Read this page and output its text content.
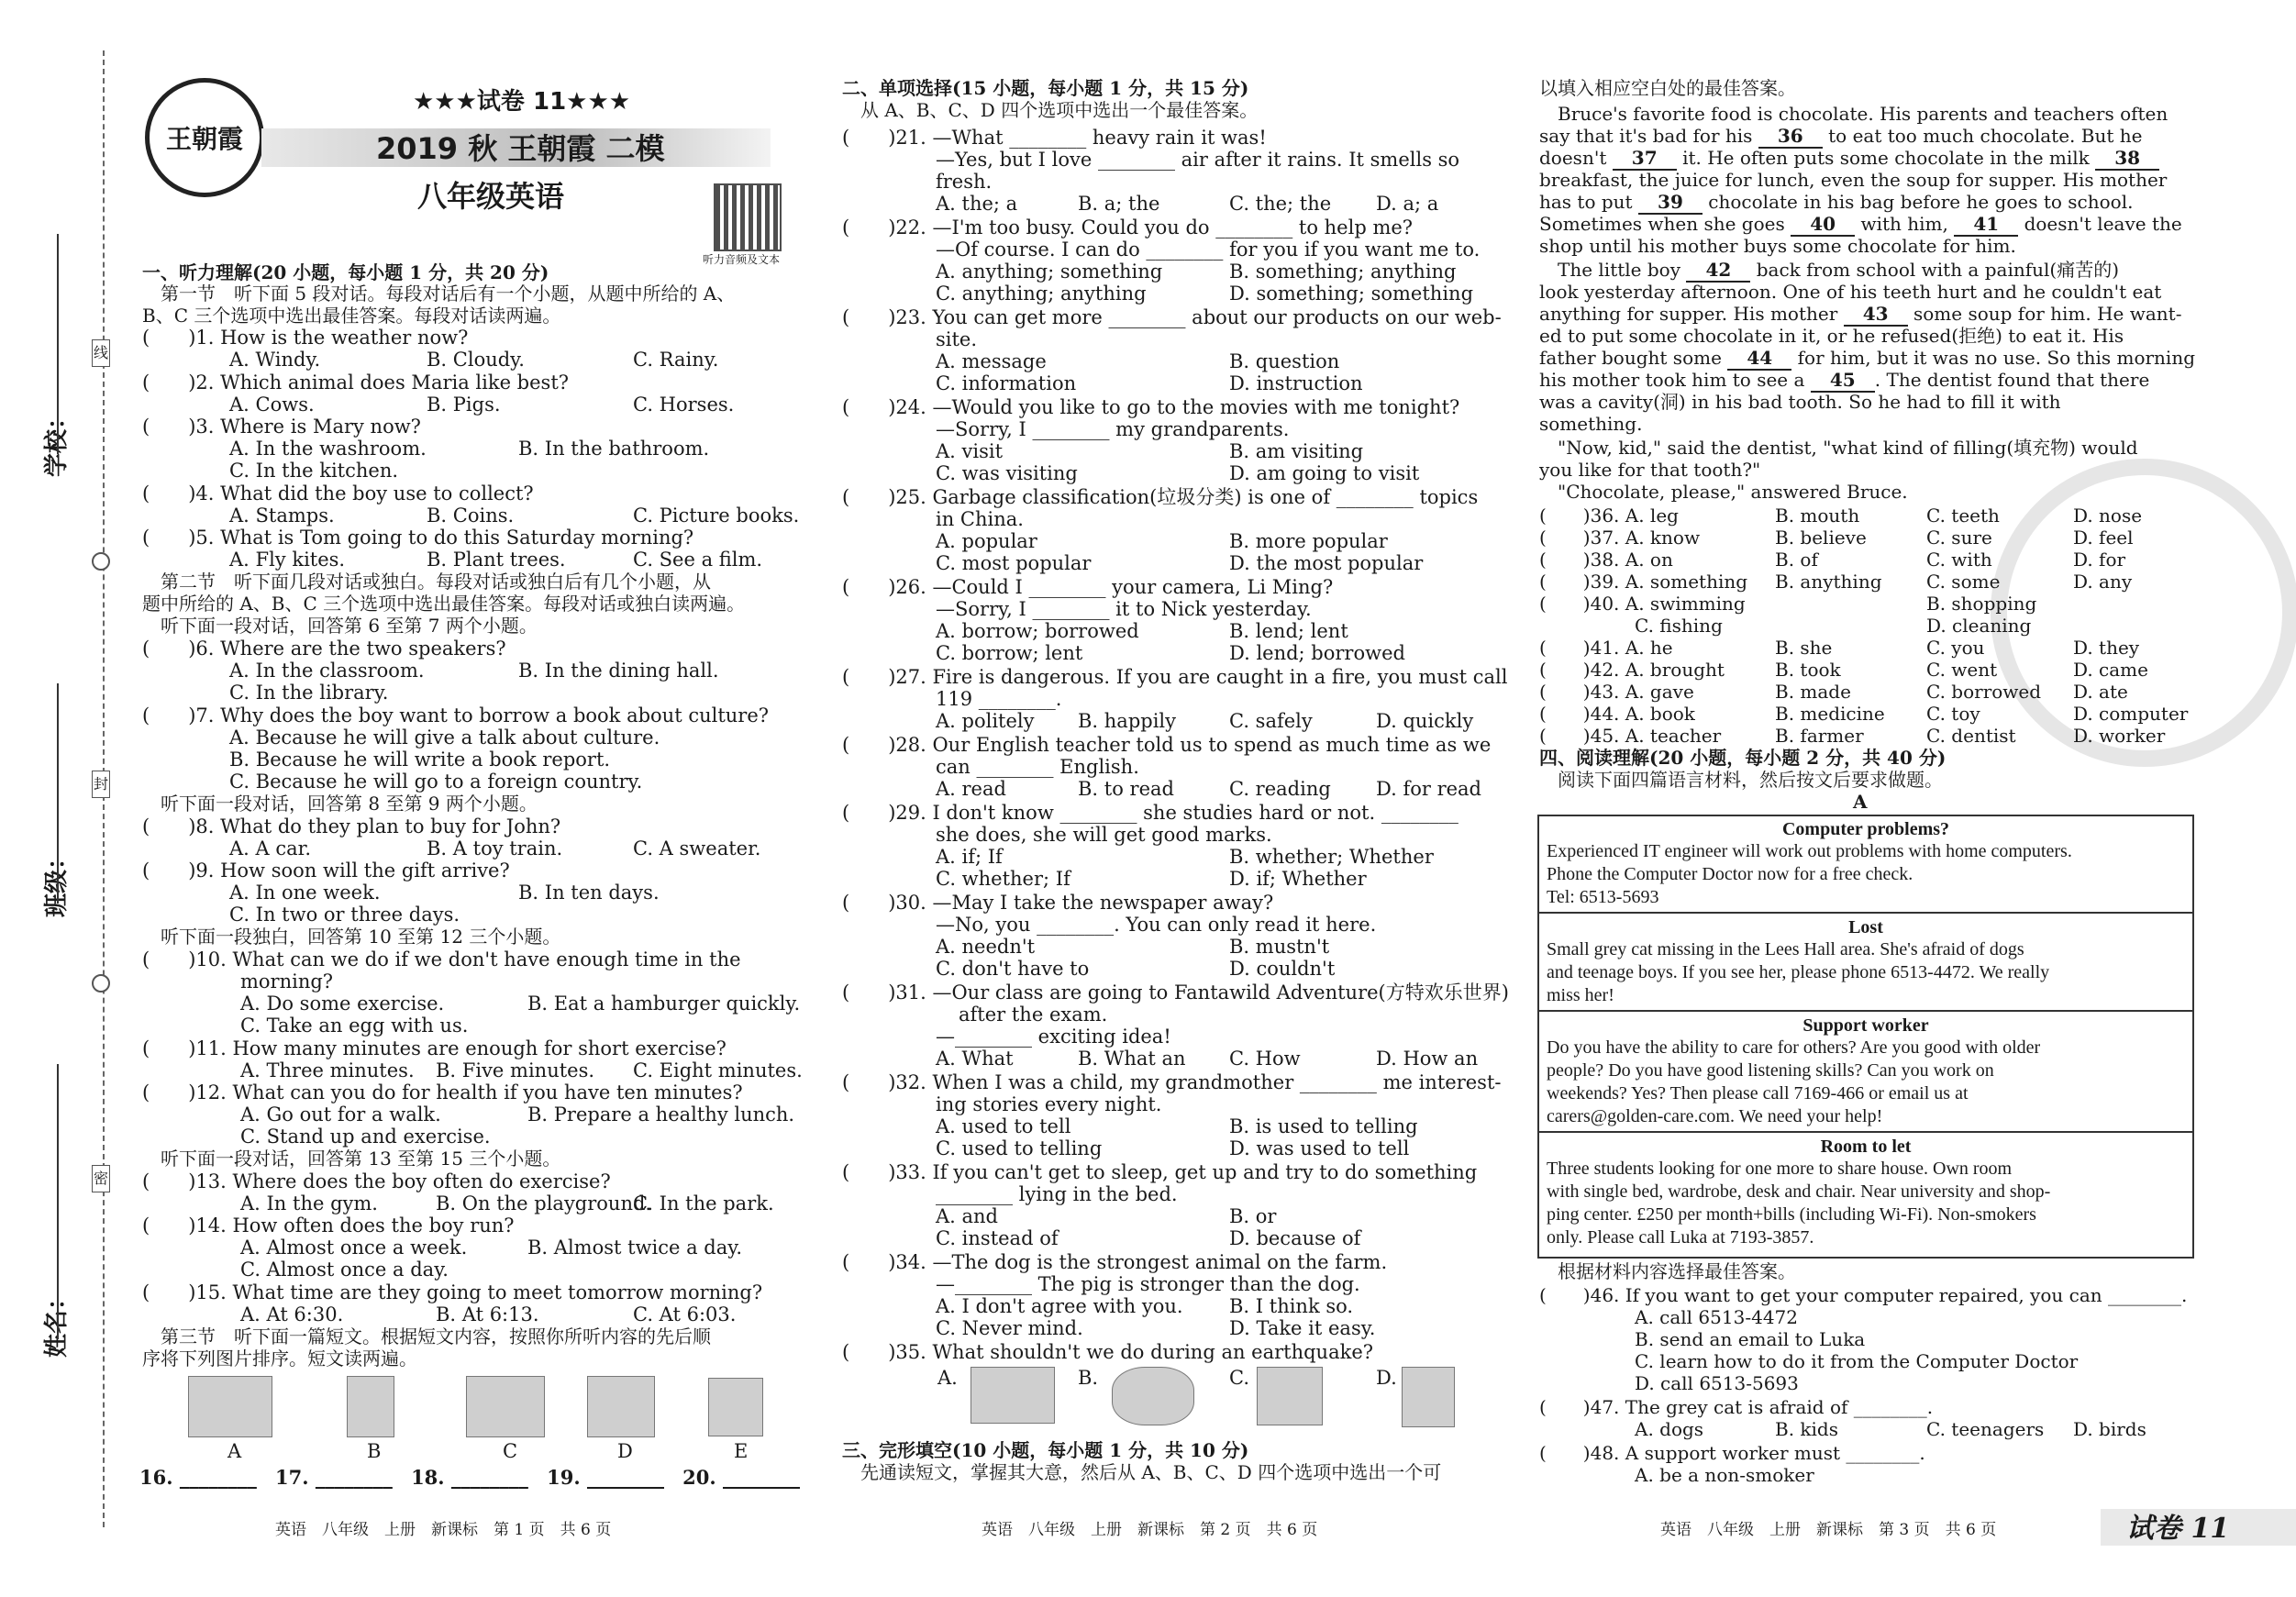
学校：
班级：
姓名：
线
封
密
王朝霞
★★★试卷 11★★★
2019 秋 王朝霞 二模
八年级英语
听力音频及文本
一、听力理解(20 小题，每小题 1 分，共 20 分)
　第一节　听下面 5 段对话。每段对话后有一个小题，从题中所给的 A、
B、C 三个选项中选出最佳答案。每段对话读两遍。
(　　)1. How is the weather now?
A. Windy.	B. Cloudy.	C. Rainy.
(　　)2. Which animal does Maria like best?
A. Cows.	B. Pigs.	C. Horses.
(　　)3. Where is Mary now?
A. In the washroom.	B. In the bathroom.
C. In the kitchen.
(　　)4. What did the boy use to collect?
A. Stamps.	B. Coins.	C. Picture books.
(　　)5. What is Tom going to do this Saturday morning?
A. Fly kites.	B. Plant trees.	C. See a film.
　第二节　听下面几段对话或独白。每段对话或独白后有几个小题，从
题中所给的 A、B、C 三个选项中选出最佳答案。每段对话或独白读两遍。
　听下面一段对话，回答第 6 至第 7 两个小题。
(　　)6. Where are the two speakers?
A. In the classroom.	B. In the dining hall.
C. In the library.
(　　)7. Why does the boy want to borrow a book about culture?
A. Because he will give a talk about culture.
B. Because he will write a book report.
C. Because he will go to a foreign country.
　听下面一段对话，回答第 8 至第 9 两个小题。
(　　)8. What do they plan to buy for John?
A. A car.	B. A toy train.	C. A sweater.
(　　)9. How soon will the gift arrive?
A. In one week.	B. In ten days.
C. In two or three days.
　听下面一段独白，回答第 10 至第 12 三个小题。
(　　)10. What can we do if we don't have enough time in the
morning?
A. Do some exercise.	B. Eat a hamburger quickly.
C. Take an egg with us.
(　　)11. How many minutes are enough for short exercise?
A. Three minutes. B. Five minutes. C. Eight minutes.
(　　)12. What can you do for health if you have ten minutes?
A. Go out for a walk.	B. Prepare a healthy lunch.
C. Stand up and exercise.
　听下面一段对话，回答第 13 至第 15 三个小题。
(　　)13. Where does the boy often do exercise?
A. In the gym.	B. On the playground.
C. In the park.
(　　)14. How often does the boy run?
A. Almost once a week.	B. Almost twice a day.
C. Almost once a day.
(　　)15. What time are they going to meet tomorrow morning?
A. At 6:30.	B. At 6:13.	C. At 6:03.
　第三节　听下面一篇短文。根据短文内容，按照你所听内容的先后顺
序将下列图片排序。短文读两遍。
A	B	C	D	E
二、单项选择(15 小题，每小题 1 分，共 15 分)
　从 A、B、C、D 四个选项中选出一个最佳答案。
(　　)21. —What ________ heavy rain it was!
—Yes, but I love ________ air after it rains. It smells so
fresh.
A. the; a	B. a; the	C. the; the D. a; a
(　　)22. —I'm too busy. Could you do ________ to help me?
—Of course. I can do ________ for you if you want me to.
A. anything; something	B. something; anything
C. anything; anything	D. something; something
(　　)23. You can get more ________ about our products on our web-
site.
A. message	B. question
C. information	D. instruction
(　　)24. —Would you like to go to the movies with me tonight?
—Sorry, I ________ my grandparents.
A. visit	B. am visiting
C. was visiting	D. am going to visit
(　　)25. Garbage classification(垃圾分类) is one of ________ topics
in China.
A. popular	B. more popular
C. most popular	D. the most popular
(　　)26. —Could I ________ your camera, Li Ming?
—Sorry, I ________ it to Nick yesterday.
A. borrow; borrowed	B. lend; lent
C. borrow; lent	D. lend; borrowed
(　　)27. Fire is dangerous. If you are caught in a fire, you must call
119 ________.
A. politely B. happily	C. safely	D. quickly
(　　)28. Our English teacher told us to spend as much time as we
can ________ English.
A. read	B. to read	C. reading D. for read
(　　)29. I don't know ________ she studies hard or not. ________
she does, she will get good marks.
A. if; If	B. whether; Whether
C. whether; If	D. if; Whether
(　　)30. —May I take the newspaper away?
—No, you ________. You can only read it here.
A. needn't	B. mustn't
C. don't have to	D. couldn't
(　　)31. —Our class are going to Fantawild Adventure(方特欢乐世界)
after the exam.
—________ exciting idea!
A. What	B. What an C. How	D. How an
(　　)32. When I was a child, my grandmother ________ me interest-
ing stories every night.
A. used to tell	B. is used to telling
C. used to telling	D. was used to tell
(　　)33. If you can't get to sleep, get up and try to do something
________ lying in the bed.
A. and	B. or
C. instead of	D. because of
(　　)34. —The dog is the strongest animal on the farm.
—________ The pig is stronger than the dog.
A. I don't agree with you. B. I think so.
C. Never mind.	D. Take it easy.
(　　)35. What shouldn't we do during an earthquake?
A.	B.	C.	D.
三、完形填空(10 小题，每小题 1 分，共 10 分)
　先通读短文，掌握其大意，然后从 A、B、C、D 四个选项中选出一个可
以填入相应空白处的最佳答案。
(　　)36. A. leg	B. mouth	C. teeth	D. nose
(　　)37. A. know	B. believe	C. sure	D. feel
(　　)38. A. on	B. of	C. with	D. for
(　　)39. A. something B. anything C. some	D. any
(　　)40. A. swimming	B. shopping
C. fishing	D. cleaning
(　　)41. A. he	B. she	C. you	D. they
(　　)42. A. brought	B. took	C. went	D. came
(　　)43. A. gave	B. made	C. borrowed D. ate
(　　)44. A. book	B. medicine C. toy	D. computer
(　　)45. A. teacher	B. farmer	C. dentist	D. worker
四、阅读理解(20 小题，每小题 2 分，共 40 分)
　阅读下面四篇语言材料，然后按文后要求做题。
A
　根据材料内容选择最佳答案。
(　　)46. If you want to get your computer repaired, you can ________.
A. call 6513-4472
B. send an email to Luka
C. learn how to do it from the Computer Doctor
D. call 6513-5693
(　　)47. The grey cat is afraid of ________.
A. dogs	B. kids	C. teenagers D. birds
(　　)48. A support worker must ________.
A. be a non-smoker
　Bruce's favorite food is chocolate. His parents and teachers often
say that it's bad for his 36 to eat too much chocolate. But he
doesn't 37 it. He often puts some chocolate in the milk 38
breakfast, the juice for lunch, even the soup for supper. His mother
has to put 39 chocolate in his bag before he goes to school.
Sometimes when she goes 40 with him, 41 doesn't leave the
shop until his mother buys some chocolate for him.
　The little boy 42 back from school with a painful(痛苦的)
look yesterday afternoon. One of his teeth hurt and he couldn't eat
anything for supper. His mother 43 some soup for him. He want-
ed to put some chocolate in it, or he refused(拒绝) to eat it. His
father bought some 44 for him, but it was no use. So this morning
his mother took him to see a 45 . The dentist found that there
was a cavity(洞) in his bad tooth. So he had to fill it with
something.
　"Now, kid," said the dentist, "what kind of filling(填充物) would
you like for that tooth?"
　"Chocolate, please," answered Bruce.
16. ________ 17. ________ 18. ________ 19. ________ 20. ________
Computer problems?
Experienced IT engineer will work out problems with home computers.
Phone the Computer Doctor now for a free check.
Tel: 6513-5693
Lost
Small grey cat missing in the Lees Hall area. She's afraid of dogs
and teenage boys. If you see her, please phone 6513-4472. We really
miss her!
Support worker
Do you have the ability to care for others? Are you good with older
people? Do you have good listening skills? Can you work on
weekends? Yes? Then please call 7169-466 or email us at
carers@golden-care.com. We need your help!
Room to let
Three students looking for one more to share house. Own room
with single bed, wardrobe, desk and chair. Near university and shop-
ping center. £250 per month+bills (including Wi-Fi). Non-smokers
only. Please call Luka at 7193-3857.
英语　八年级　上册　新课标　第 1 页　共 6 页	英语　八年级　上册　新课标　第 2 页　共 6 页	英语　八年级　上册　新课标　第 3 页　共 6 页	试卷 11
